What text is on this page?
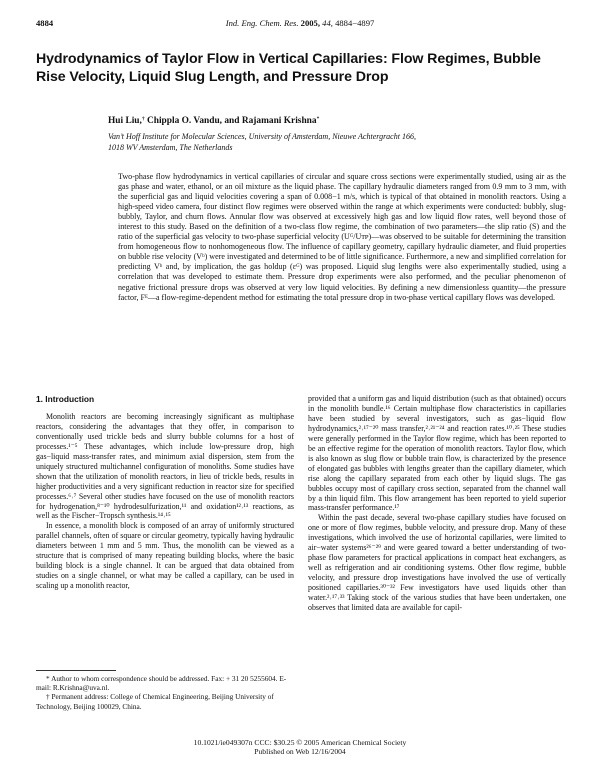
4884	Ind. Eng. Chem. Res. 2005, 44, 4884−4897
Hydrodynamics of Taylor Flow in Vertical Capillaries: Flow Regimes, Bubble Rise Velocity, Liquid Slug Length, and Pressure Drop
Hui Liu,† Chippla O. Vandu, and Rajamani Krishna*
Van’t Hoff Institute for Molecular Sciences, University of Amsterdam, Nieuwe Achtergracht 166,
1018 WV Amsterdam, The Netherlands
Two-phase flow hydrodynamics in vertical capillaries of circular and square cross sections were experimentally studied, using air as the gas phase and water, ethanol, or an oil mixture as the liquid phase. The capillary hydraulic diameters ranged from 0.9 mm to 3 mm, with the superficial gas and liquid velocities covering a span of 0.008−1 m/s, which is typical of that obtained in monolith reactors. Using a high-speed video camera, four distinct flow regimes were observed within the range at which experiments were conducted: bubbly, slug-bubbly, Taylor, and churn flows. Annular flow was observed at excessively high gas and low liquid flow rates, well beyond those of interest to this study. Based on the definition of a two-class flow regime, the combination of two parameters—the slip ratio (S) and the ratio of the superficial gas velocity to two-phase superficial velocity (Uᴳ/Uᴛᴘ)—was observed to be suitable for determining the transition from homogeneous flow to nonhomogeneous flow. The influence of capillary geometry, capillary hydraulic diameter, and fluid properties on bubble rise velocity (Vᵇ) were investigated and determined to be of little significance. Furthermore, a new and simplified correlation for predicting Vᵇ and, by implication, the gas holdup (εᴳ) was proposed. Liquid slug lengths were also experimentally studied, using a correlation that was developed to estimate them. Pressure drop experiments were also performed, and the peculiar phenomenon of negative frictional pressure drops was observed at very low liquid velocities. By defining a new dimensionless quantity—the pressure factor, Fᴱ—a flow-regime-dependent method for estimating the total pressure drop in two-phase vertical capillary flows was developed.
1. Introduction

Monolith reactors are becoming increasingly significant as multiphase reactors, considering the advantages that they offer, in comparison to conventionally used trickle beds and slurry bubble columns for a host of processes.¹⁻⁵ These advantages, which include low-pressure drop, high gas−liquid mass-transfer rates, and minimum axial dispersion, stem from the uniquely structured multichannel configuration of monoliths. Some studies have shown that the utilization of monolith reactors, in lieu of trickle beds, results in higher productivities and a very significant reduction in reactor size for specified processes.⁶˒⁷ Several other studies have focused on the use of monolith reactors for hydrogenation,⁸⁻¹⁰ hydrodesulfurization,¹¹ and oxidation¹²˒¹³ reactions, as well as the Fischer−Tropsch synthesis.¹⁴˒¹⁵

In essence, a monolith block is composed of an array of uniformly structured parallel channels, often of square or circular geometry, typically having hydraulic diameters between 1 mm and 5 mm. Thus, the monolith can be viewed as a structure that is comprised of many repeating building blocks, where the basic building block is a single channel. It can be argued that data obtained from studies on a single channel, or what may be called a capillary, can be used in scaling up a monolith reactor,

provided that a uniform gas and liquid distribution (such as that obtained) occurs in the monolith bundle.¹⁶ Certain multiphase flow characteristics in capillaries have been studied by several investigators, such as gas−liquid flow hydrodynamics,²˒¹⁷⁻²⁰ mass transfer,²˒²¹⁻²⁴ and reaction rates.¹⁰˒²⁵ These studies were generally performed in the Taylor flow regime, which has been reported to be an effective regime for the operation of monolith reactors. Taylor flow, which is also known as slug flow or bubble train flow, is characterized by the presence of elongated gas bubbles with lengths greater than the capillary diameter, which rise along the capillary separated from each other by liquid slugs. The gas bubbles occupy most of capillary cross section, separated from the channel wall by a thin liquid film. This flow arrangement has been reported to yield superior mass-transfer performance.¹⁷

Within the past decade, several two-phase capillary studies have focused on one or more of flow regimes, bubble velocity, and pressure drop. Many of these investigations, which involved the use of horizontal capillaries, were limited to air−water systems²⁶⁻²⁹ and were geared toward a better understanding of two-phase flow parameters for practical applications in compact heat exchangers, as well as refrigeration and air conditioning systems. Other flow regime, bubble velocity, and pressure drop investigations have involved the use of vertically positioned capillaries.³⁰⁻³² Few investigators have used liquids other than water.²˒¹⁷˒³³ Taking stock of the various studies that have been undertaken, one observes that limited data are available for capil-

* Author to whom correspondence should be addressed. Fax: + 31 20 5255604. E-mail: R.Krishna@uva.nl.

† Permanent address: College of Chemical Engineering, Beijing University of Technology, Beijing 100029, China.

10.1021/ie049307n CCC: $30.25 © 2005 American Chemical Society
Published on Web 12/16/2004
